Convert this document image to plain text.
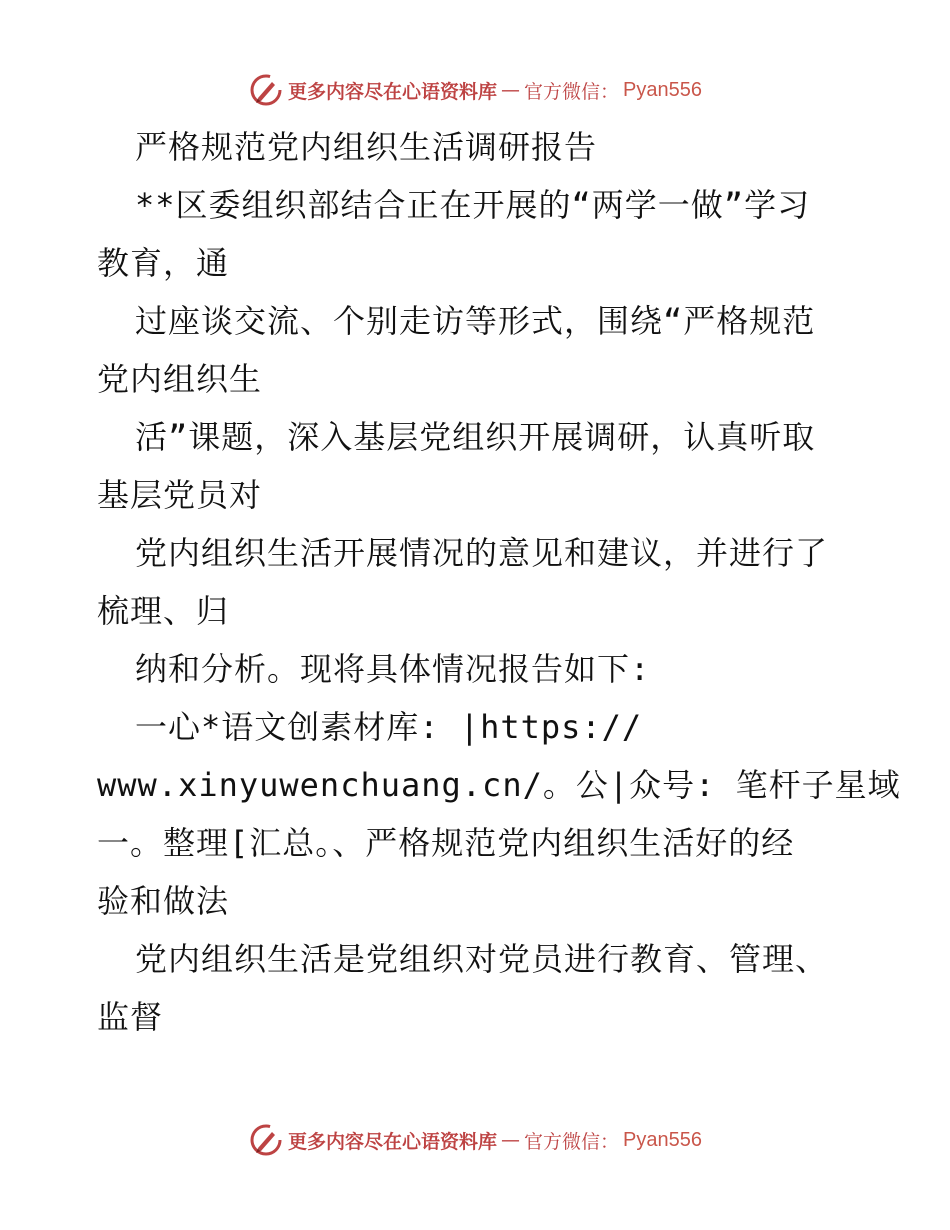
更多内容尽在心语资料库 — 官方微信： Pyan556
严格规范党内组织生活调研报告
**区委组织部结合正在开展的“两学一做”学习
教育，通
过座谈交流、个别走访等形式，围绕“严格规范
党内组织生
活”课题，深入基层党组织开展调研，认真听取
基层党员对
党内组织生活开展情况的意见和建议，并进行了
梳理、归
纳和分析。现将具体情况报告如下:
一心*语文创素材库: |https://
www.xinyuwenchuang.cn/。公|众号: 笔杆子星域
一。整理[汇总。、严格规范党内组织生活好的经
验和做法
党内组织生活是党组织对党员进行教育、管理、
监督
更多内容尽在心语资料库 — 官方微信： Pyan556
